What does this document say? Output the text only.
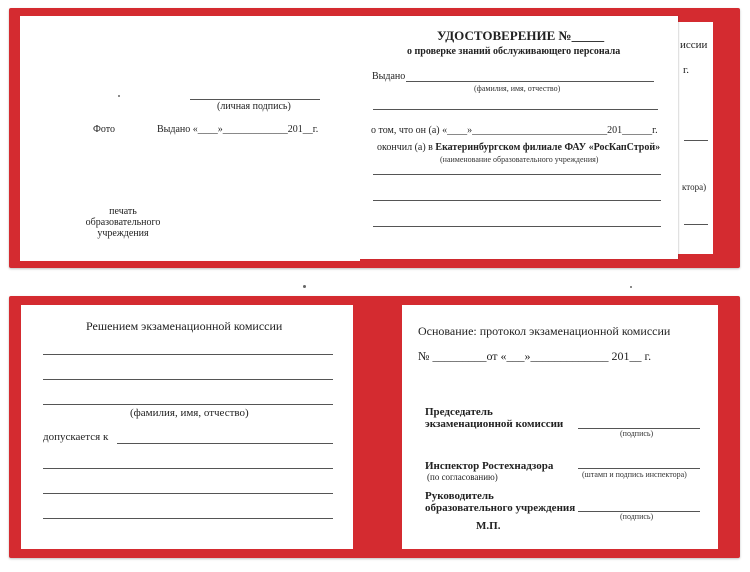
иссии
г.
ктора)
(личная подпись)
Фото	Выдано «____»_____________201__г.
печать
образовательного
учреждения
УДОСТОВЕРЕНИЕ №_____
о проверке знаний обслуживающего персонала
Выдано
(фамилия, имя, отчество)
о том, что он (а) «____»___________________________201______г.
окончил (а) в Екатеринбургском филиале ФАУ «РосКапСтрой»
(наименование образовательного учреждения)
Решением экзаменационной комиссии
(фамилия, имя, отчество)
допускается к
Основание: протокол экзаменационной комиссии
№ _________от «___»_____________ 201__ г.
Председатель
экзаменационной комиссии
(подпись)
Инспектор Ростехнадзора
(по согласованию)	(штамп и подпись инспектора)
Руководитель
образовательного учреждения
(подпись)
М.П.
